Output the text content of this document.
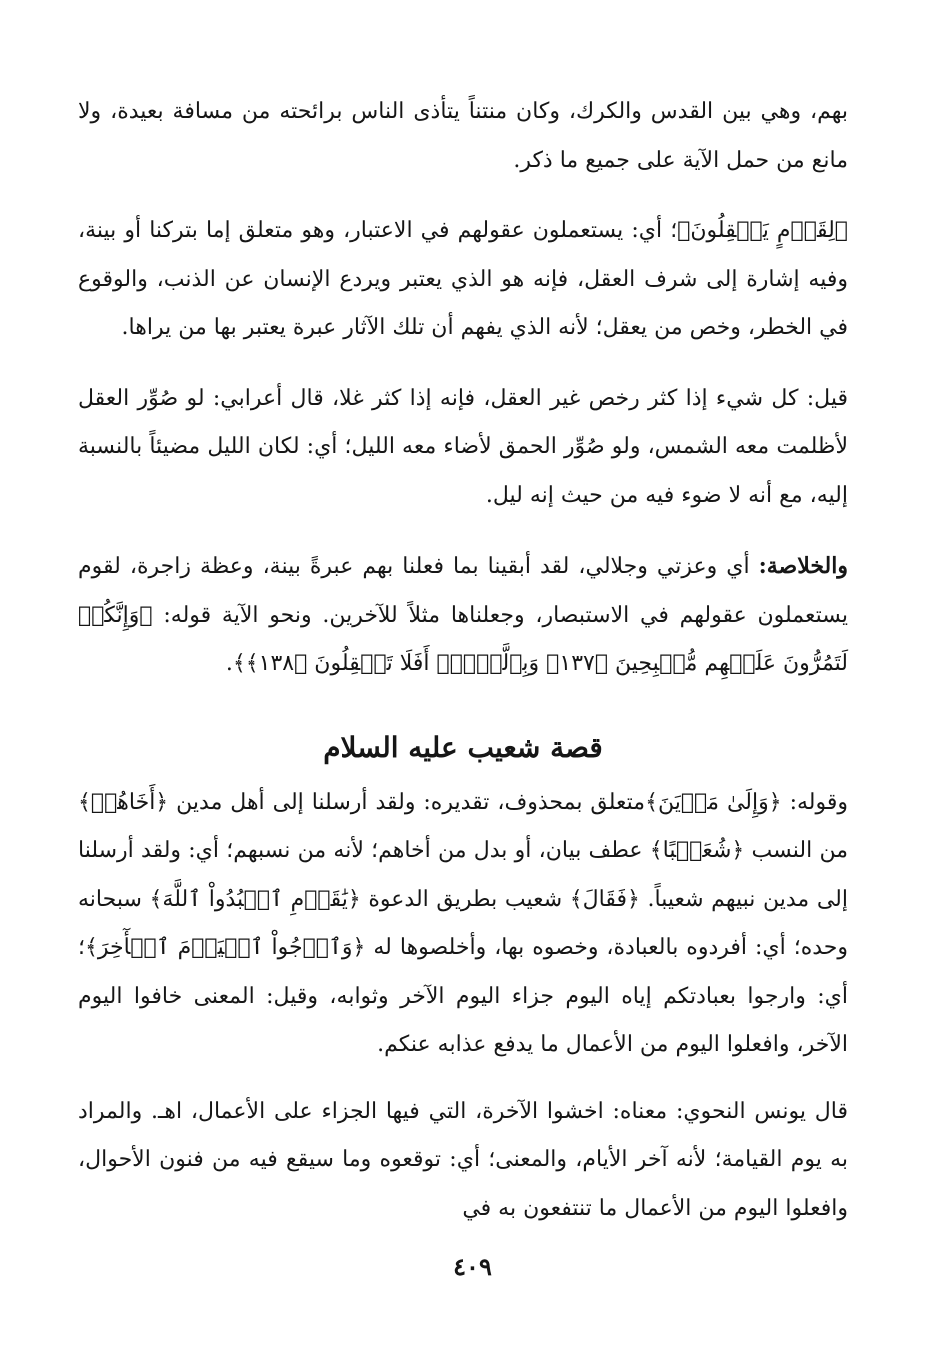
بهم، وهي بين القدس والكرك، وكان منتناً يتأذى الناس برائحته من مسافة بعيدة، ولا مانع من حمل الآية على جميع ما ذكر.

﴿لِقَوۡمٍ يَعۡقِلُونَ﴾؛ أي: يستعملون عقولهم في الاعتبار، وهو متعلق إما بتركنا أو بينة، وفيه إشارة إلى شرف العقل، فإنه هو الذي يعتبر ويردع الإنسان عن الذنب، والوقوع في الخطر، وخص من يعقل؛ لأنه الذي يفهم أن تلك الآثار عبرة يعتبر بها من يراها.

قيل: كل شيء إذا كثر رخص غير العقل، فإنه إذا كثر غلا، قال أعرابي: لو صُوِّر العقل لأظلمت معه الشمس، ولو صُوِّر الحمق لأضاء معه الليل؛ أي: لكان الليل مضيئاً بالنسبة إليه، مع أنه لا ضوء فيه من حيث إنه ليل.

والخلاصة: أي وعزتي وجلالي، لقد أبقينا بما فعلنا بهم عبرةً بينة، وعظة زاجرة، لقوم يستعملون عقولهم في الاستبصار، وجعلناها مثلاً للآخرين. ونحو الآية قوله: ﴿وَإِنَّكُمۡ لَتَمُرُّونَ عَلَيۡهِم مُّصۡبِحِينَ ﴿١٣٧﴾ وَبِٱلَّيۡلِۚ أَفَلَا تَعۡقِلُونَ ﴿١٣٨﴾﴾.

قصة شعيب عليه السلام

وقوله: ﴿وَإِلَىٰ مَدۡيَنَ﴾متعلق بمحذوف، تقديره: ولقد أرسلنا إلى أهل مدين ﴿أَخَاهُمۡ﴾ من النسب ﴿شُعَيۡبًا﴾ عطف بيان، أو بدل من أخاهم؛ لأنه من نسبهم؛ أي: ولقد أرسلنا إلى مدين نبيهم شعيباً. ﴿فَقَالَ﴾ شعيب بطريق الدعوة ﴿يَٰقَوۡمِ ٱعۡبُدُواْ ٱللَّهَ﴾ سبحانه وحده؛ أي: أفردوه بالعبادة، وخصوه بها، وأخلصوها له ﴿وَٱرۡجُواْ ٱلۡيَوۡمَ ٱلۡأٓخِرَ﴾؛ أي: وارجوا بعبادتكم إياه اليوم جزاء اليوم الآخر وثوابه، وقيل: المعنى خافوا اليوم الآخر، وافعلوا اليوم من الأعمال ما يدفع عذابه عنكم.

قال يونس النحوي: معناه: اخشوا الآخرة، التي فيها الجزاء على الأعمال، اهـ. والمراد به يوم القيامة؛ لأنه آخر الأيام، والمعنى؛ أي: توقعوه وما سيقع فيه من فنون الأحوال، وافعلوا اليوم من الأعمال ما تنتفعون به في

٤٠٩
